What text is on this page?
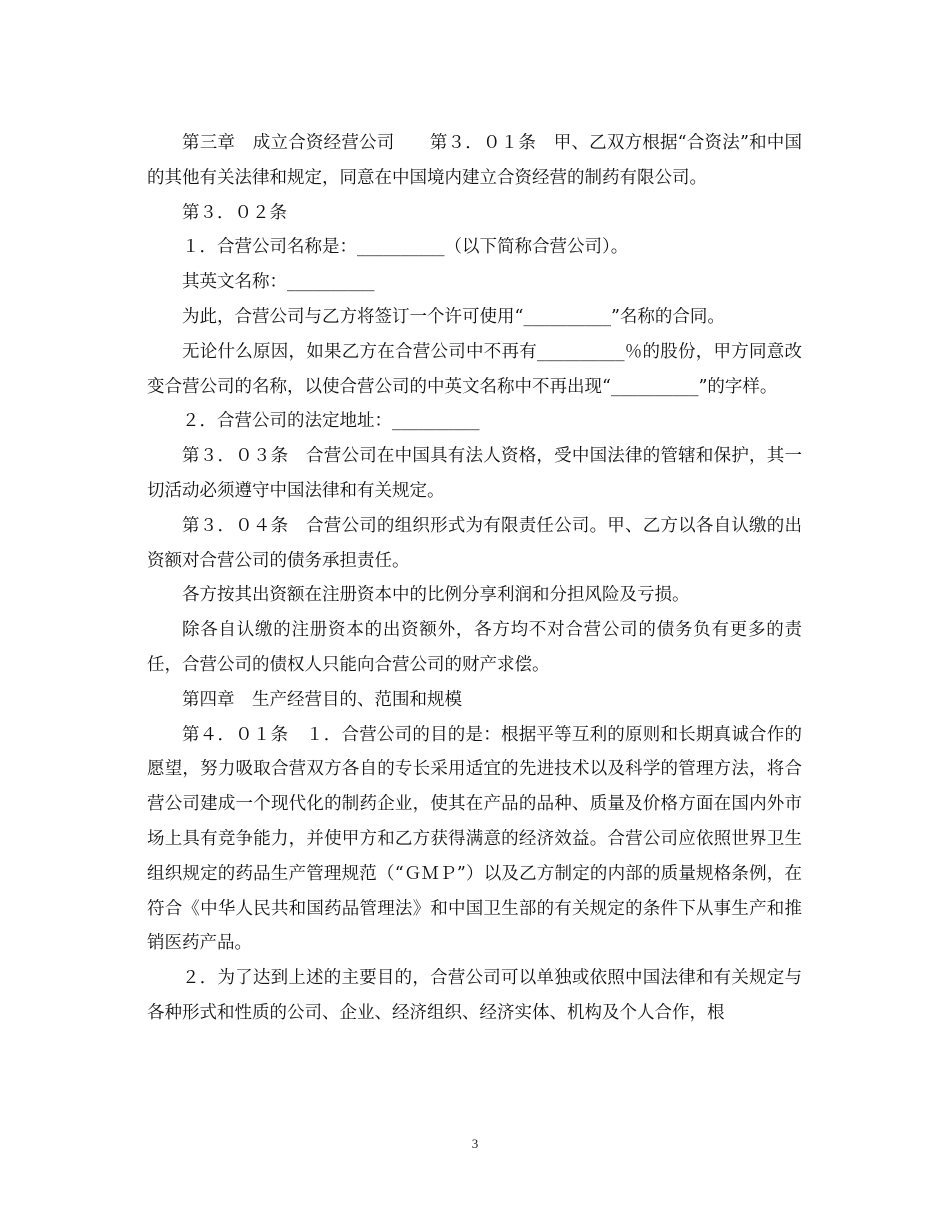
第三章　成立合资经营公司　　第３．０１条　甲、乙双方根据“合资法”和中国的其他有关法律和规定，同意在中国境内建立合资经营的制药有限公司。

第３．０２条

１．合营公司名称是：__________（以下简称合营公司）。

其英文名称：__________

为此，合营公司与乙方将签订一个许可使用“__________”名称的合同。

无论什么原因，如果乙方在合营公司中不再有__________％的股份，甲方同意改变合营公司的名称，以使合营公司的中英文名称中不再出现“__________”的字样。

２．合营公司的法定地址：__________

第３．０３条　合营公司在中国具有法人资格，受中国法律的管辖和保护，其一切活动必须遵守中国法律和有关规定。

第３．０４条　合营公司的组织形式为有限责任公司。甲、乙方以各自认缴的出资额对合营公司的债务承担责任。

各方按其出资额在注册资本中的比例分享利润和分担风险及亏损。

除各自认缴的注册资本的出资额外，各方均不对合营公司的债务负有更多的责任，合营公司的债权人只能向合营公司的财产求偿。

第四章　生产经营目的、范围和规模

第４．０１条　１．合营公司的目的是：根据平等互利的原则和长期真诚合作的愿望，努力吸取合营双方各自的专长采用适宜的先进技术以及科学的管理方法，将合营公司建成一个现代化的制药企业，使其在产品的品种、质量及价格方面在国内外市场上具有竞争能力，并使甲方和乙方获得满意的经济效益。合营公司应依照世界卫生组织规定的药品生产管理规范（“ＧＭＰ”）以及乙方制定的内部的质量规格条例，在符合《中华人民共和国药品管理法》和中国卫生部的有关规定的条件下从事生产和推销医药产品。

２．为了达到上述的主要目的，合营公司可以单独或依照中国法律和有关规定与各种形式和性质的公司、企业、经济组织、经济实体、机构及个人合作，根

3
